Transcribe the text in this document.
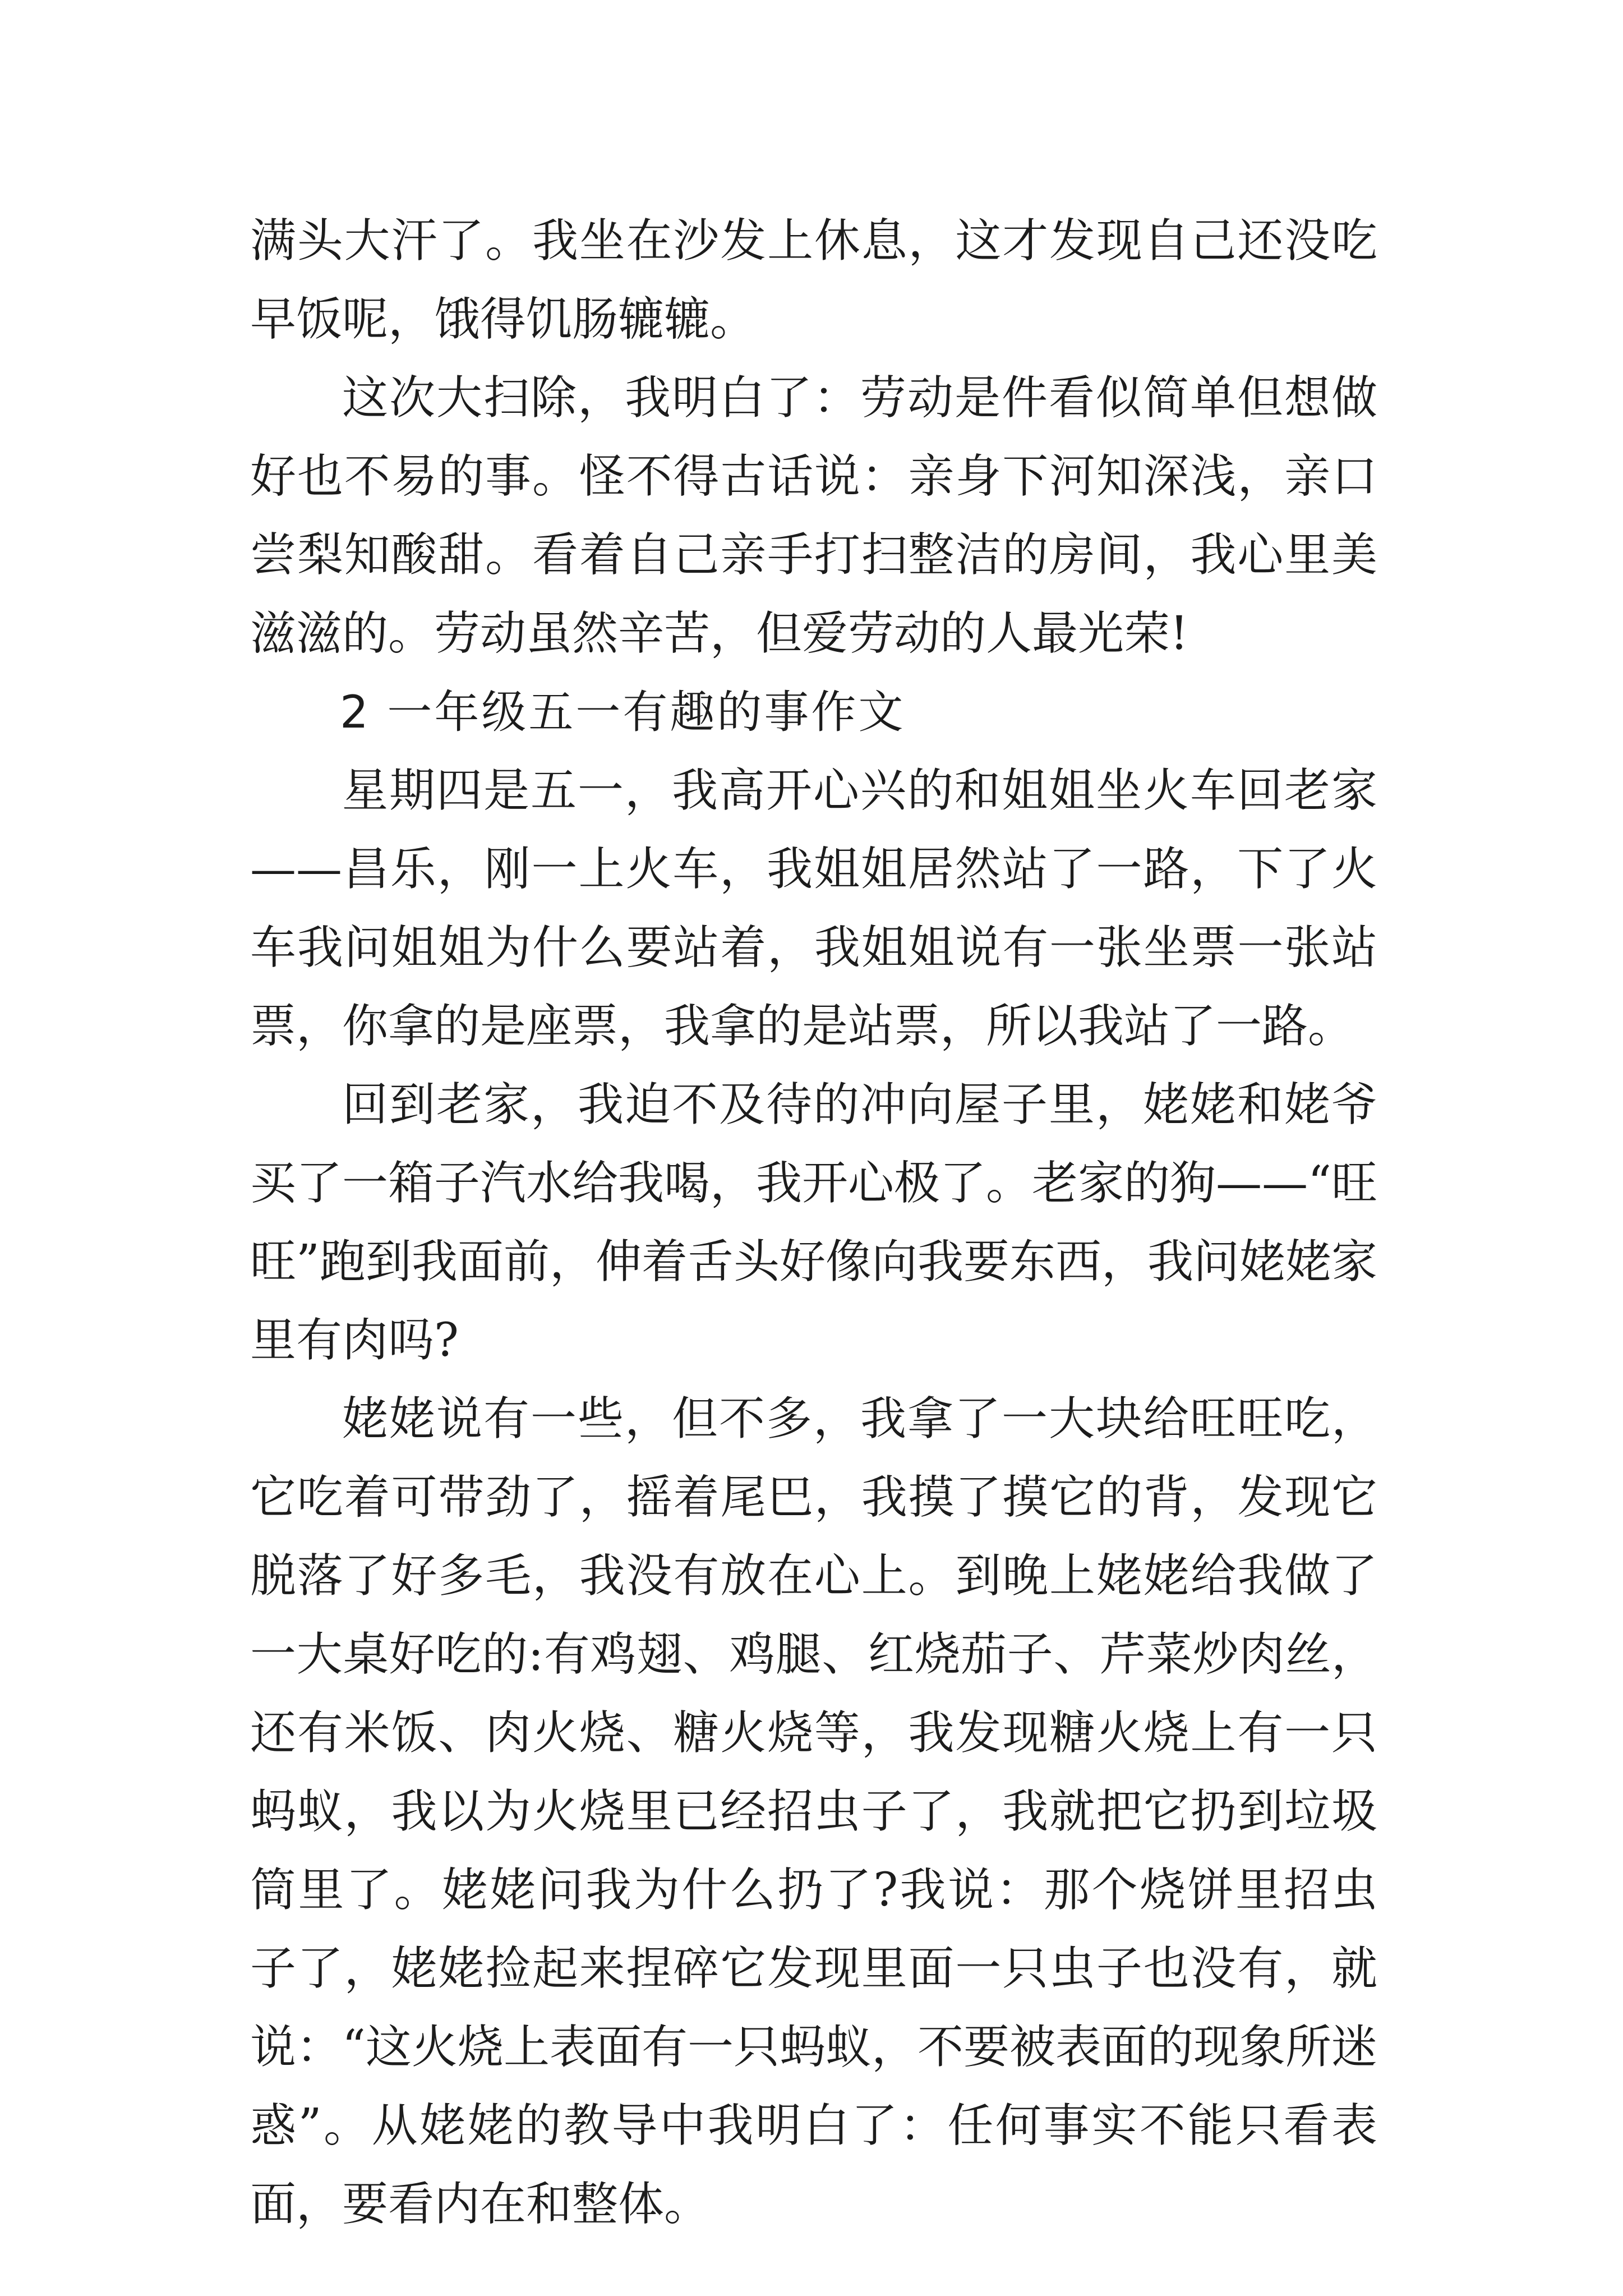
满头大汗了。我坐在沙发上休息，这才发现自己还没吃早饭呢，饿得饥肠辘辘。

这次大扫除，我明白了：劳动是件看似简单但想做好也不易的事。怪不得古话说：亲身下河知深浅，亲口尝梨知酸甜。看着自己亲手打扫整洁的房间，我心里美滋滋的。劳动虽然辛苦，但爱劳动的人最光荣!

2 一年级五一有趣的事作文

星期四是五一，我高开心兴的和姐姐坐火车回老家——昌乐，刚一上火车，我姐姐居然站了一路，下了火车我问姐姐为什么要站着，我姐姐说有一张坐票一张站票，你拿的是座票，我拿的是站票，所以我站了一路。

回到老家，我迫不及待的冲向屋子里，姥姥和姥爷买了一箱子汽水给我喝，我开心极了。老家的狗——“旺旺”跑到我面前，伸着舌头好像向我要东西，我问姥姥家里有肉吗?

姥姥说有一些，但不多，我拿了一大块给旺旺吃，它吃着可带劲了，摇着尾巴，我摸了摸它的背，发现它脱落了好多毛，我没有放在心上。到晚上姥姥给我做了一大桌好吃的:有鸡翅、鸡腿、红烧茄子、芹菜炒肉丝，还有米饭、肉火烧、糖火烧等，我发现糖火烧上有一只蚂蚁，我以为火烧里已经招虫子了，我就把它扔到垃圾筒里了。姥姥问我为什么扔了?我说：那个烧饼里招虫子了，姥姥捡起来捏碎它发现里面一只虫子也没有，就说：“这火烧上表面有一只蚂蚁，不要被表面的现象所迷惑”。从姥姥的教导中我明白了：任何事实不能只看表面，要看内在和整体。
